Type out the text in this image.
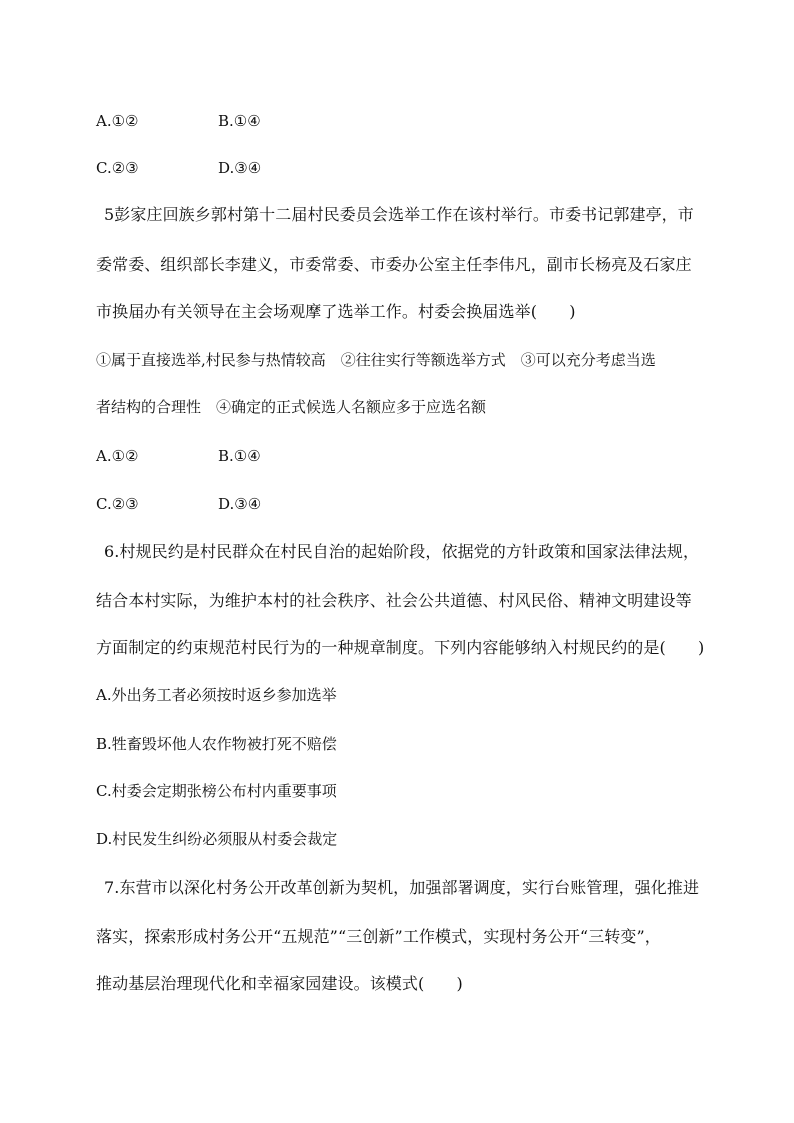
A.①②	B.①④
C.②③	D.③④
5彭家庄回族乡郭村第十二届村民委员会选举工作在该村举行。市委书记郭建亭，市
委常委、组织部长李建义，市委常委、市委办公室主任李伟凡，副市长杨亮及石家庄
市换届办有关领导在主会场观摩了选举工作。村委会换届选举(　　)
①属于直接选举,村民参与热情较高　②往往实行等额选举方式　③可以充分考虑当选
者结构的合理性　④确定的正式候选人名额应多于应选名额
A.①②	B.①④
C.②③	D.③④
6.村规民约是村民群众在村民自治的起始阶段，依据党的方针政策和国家法律法规，
结合本村实际，为维护本村的社会秩序、社会公共道德、村风民俗、精神文明建设等
方面制定的约束规范村民行为的一种规章制度。下列内容能够纳入村规民约的是(　　)
A.外出务工者必须按时返乡参加选举
B.牲畜毁坏他人农作物被打死不赔偿
C.村委会定期张榜公布村内重要事项
D.村民发生纠纷必须服从村委会裁定
7.东营市以深化村务公开改革创新为契机，加强部署调度，实行台账管理，强化推进
落实，探索形成村务公开“五规范”“三创新”工作模式，实现村务公开“三转变”，
推动基层治理现代化和幸福家园建设。该模式(　　)
